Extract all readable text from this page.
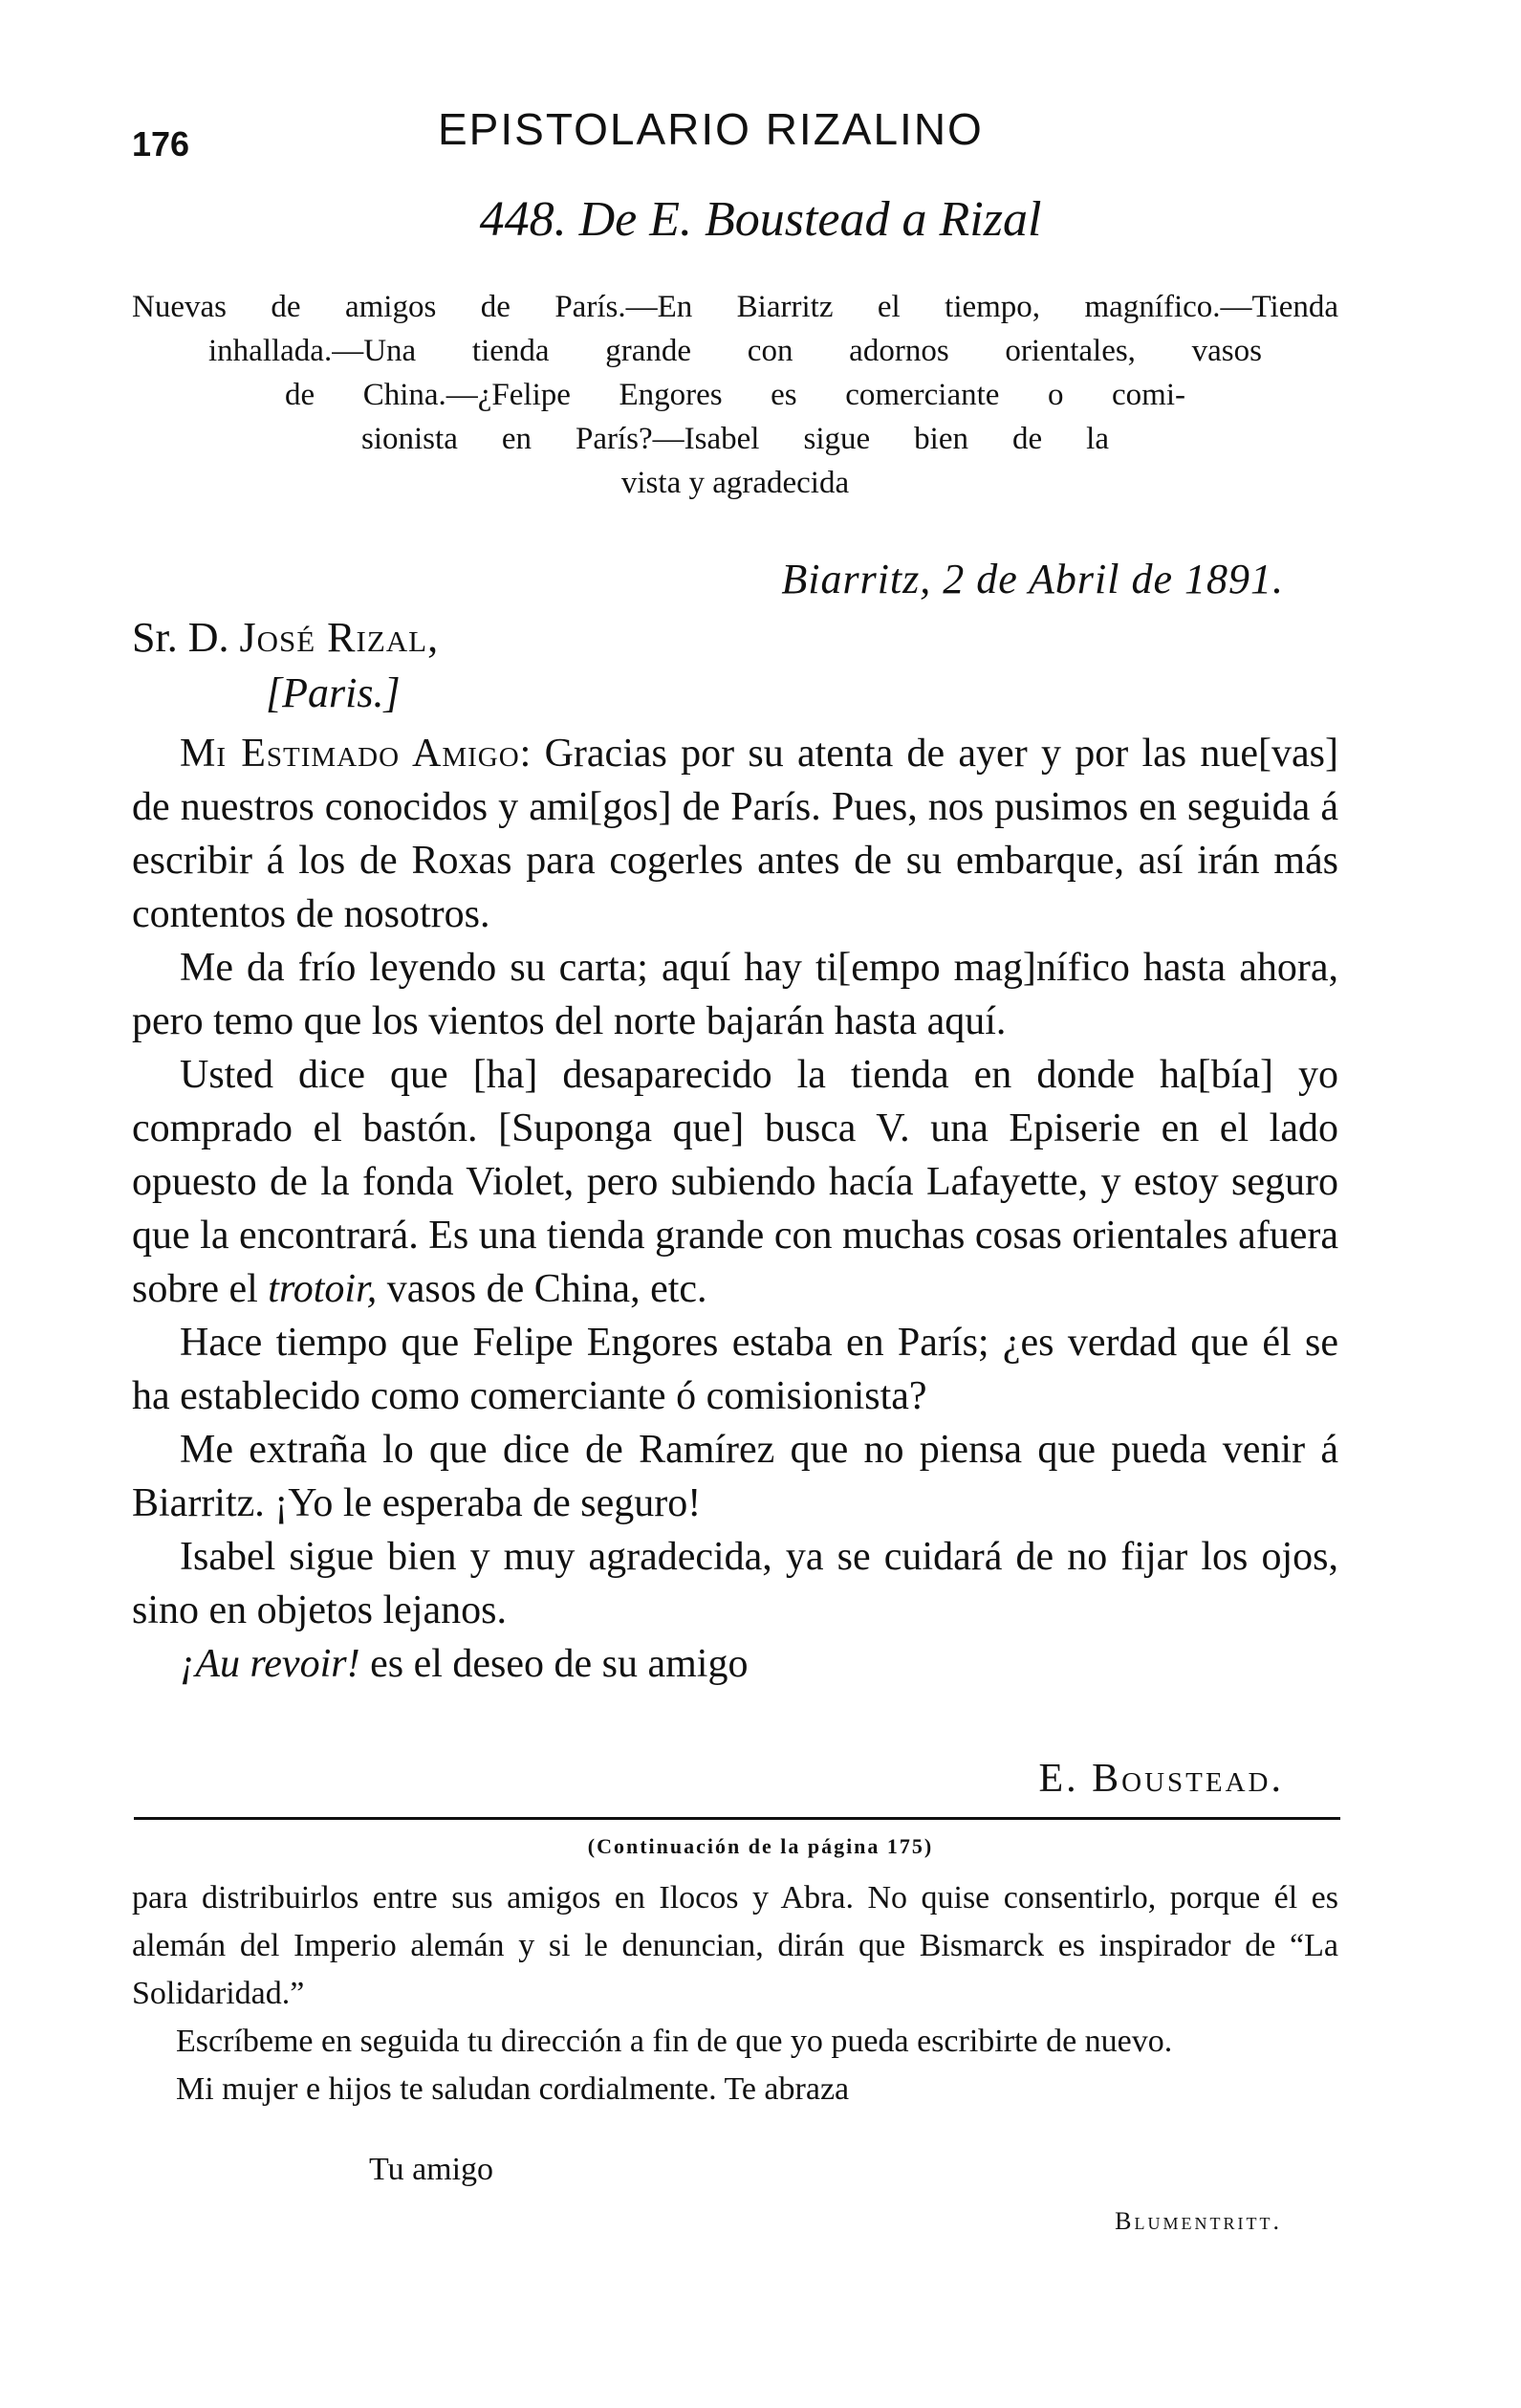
176	EPISTOLARIO RIZALINO
448. De E. Boustead a Rizal
Nuevas de amigos de París.—En Biarritz el tiempo, magnífico.—Tienda
inhallada.—Una tienda grande con adornos orientales, vasos
de China.—¿Felipe Engores es comerciante o comi-
sionista en París?—Isabel sigue bien de la
vista y agradecida
Biarritz, 2 de Abril de 1891.
Sr. D. José Rizal,
[Paris.]

Mi Estimado Amigo: Gracias por su atenta de ayer y por las nue[vas] de nuestros conocidos y ami[gos] de París. Pues, nos pusimos en seguida á escribir á los de Roxas para cogerles antes de su embarque, así irán más contentos de nosotros.

Me da frío leyendo su carta; aquí hay ti[empo mag]nífico hasta ahora, pero temo que los vientos del norte bajarán hasta aquí.

Usted dice que [ha] desaparecido la tienda en donde ha[bía] yo comprado el bastón. [Suponga que] busca V. una Episerie en el lado opuesto de la fonda Violet, pero subiendo hacía Lafayette, y estoy seguro que la encontrará. Es una tienda grande con muchas cosas orientales afuera sobre el trotoir, vasos de China, etc.

Hace tiempo que Felipe Engores estaba en París; ¿es verdad que él se ha establecido como comerciante ó comisionista?

Me extraña lo que dice de Ramírez que no piensa que pueda venir á Biarritz. ¡Yo le esperaba de seguro!

Isabel sigue bien y muy agradecida, ya se cuidará de no fijar los ojos, sino en objetos lejanos.

¡Au revoir! es el deseo de su amigo

E. Boustead.
(Continuación de la página 175)

para distribuirlos entre sus amigos en Ilocos y Abra. No quise consentirlo, porque él es alemán del Imperio alemán y si le denuncian, dirán que Bismarck es inspirador de “La Solidaridad.”

Escríbeme en seguida tu dirección a fin de que yo pueda escribirte de nuevo.

Mi mujer e hijos te saludan cordialmente. Te abraza

Tu amigo
Blumentritt.
